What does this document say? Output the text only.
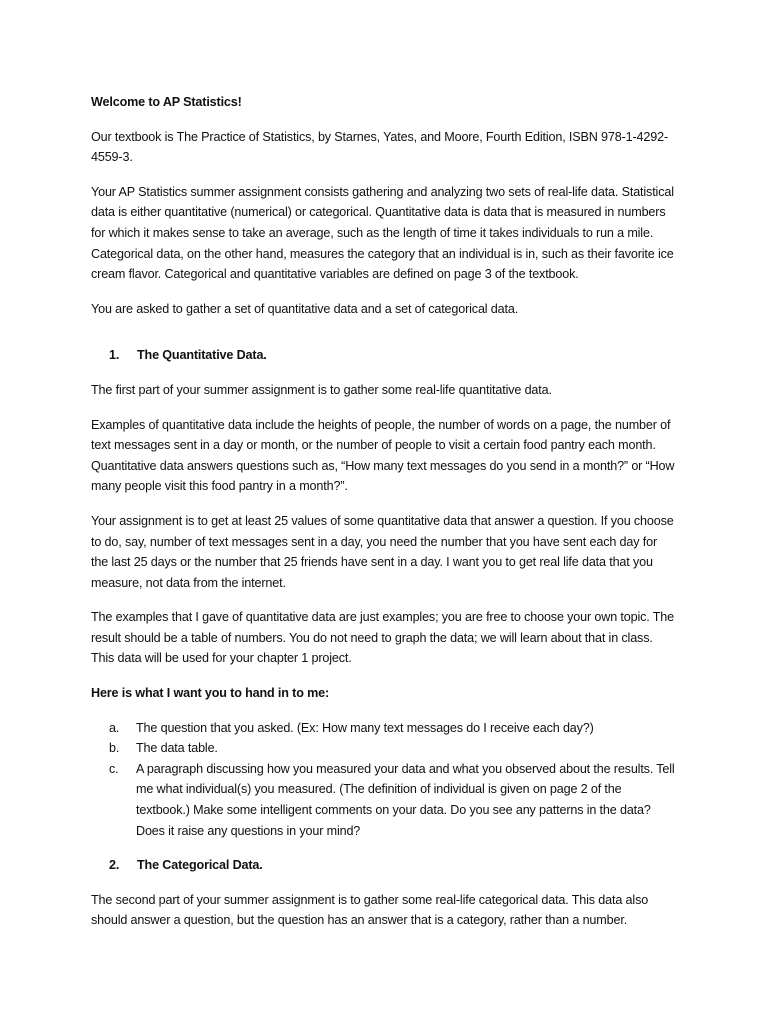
Welcome to AP Statistics!

Our textbook is The Practice of Statistics, by Starnes, Yates, and Moore, Fourth Edition, ISBN 978-1-4292-4559-3.

Your AP Statistics summer assignment consists gathering and analyzing two sets of real-life data. Statistical data is either quantitative (numerical) or categorical. Quantitative data is data that is measured in numbers for which it makes sense to take an average, such as the length of time it takes individuals to run a mile. Categorical data, on the other hand, measures the category that an individual is in, such as their favorite ice cream flavor. Categorical and quantitative variables are defined on page 3 of the textbook.

You are asked to gather a set of quantitative data and a set of categorical data.

1.	The Quantitative Data.

The first part of your summer assignment is to gather some real-life quantitative data.

Examples of quantitative data include the heights of people, the number of words on a page, the number of text messages sent in a day or month, or the number of people to visit a certain food pantry each month. Quantitative data answers questions such as, “How many text messages do you send in a month?” or “How many people visit this food pantry in a month?”.

Your assignment is to get at least 25 values of some quantitative data that answer a question. If you choose to do, say, number of text messages sent in a day, you need the number that you have sent each day for the last 25 days or the number that 25 friends have sent in a day. I want you to get real life data that you measure, not data from the internet.

The examples that I gave of quantitative data are just examples; you are free to choose your own topic. The result should be a table of numbers. You do not need to graph the data; we will learn about that in class. This data will be used for your chapter 1 project.

Here is what I want you to hand in to me:

a.	The question that you asked. (Ex: How many text messages do I receive each day?)
b.	The data table.
c.	A paragraph discussing how you measured your data and what you observed about the results. Tell me what individual(s) you measured. (The definition of individual is given on page 2 of the textbook.) Make some intelligent comments on your data. Do you see any patterns in the data? Does it raise any questions in your mind?
2.	The Categorical Data.

The second part of your summer assignment is to gather some real-life categorical data. This data also should answer a question, but the question has an answer that is a category, rather than a number.
